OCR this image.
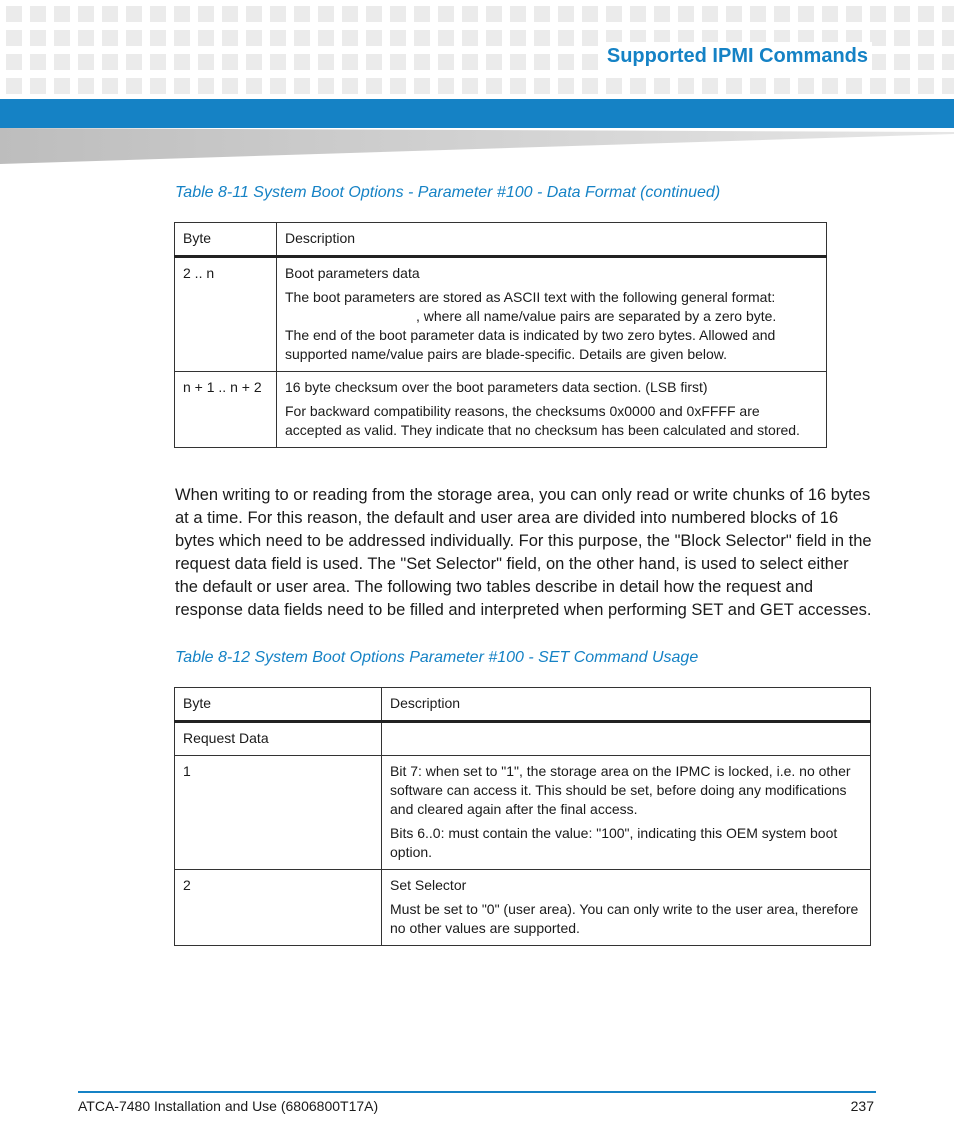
Supported IPMI Commands
Table 8-11 System Boot Options - Parameter #100 - Data Format (continued)
Byte	Description
2 .. n	Boot parameters data

The boot parameters are stored as ASCII text with the following general format:
, where all name/value pairs are separated by a zero byte.
The end of the boot parameter data is indicated by two zero bytes. Allowed and supported name/value pairs are blade-specific. Details are given below.

n + 1 .. n + 2	16 byte checksum over the boot parameters data section. (LSB first)

For backward compatibility reasons, the checksums 0x0000 and 0xFFFF are accepted as valid. They indicate that no checksum has been calculated and stored.

When writing to or reading from the storage area, you can only read or write chunks of 16 bytes at a time. For this reason, the default and user area are divided into numbered blocks of 16 bytes which need to be addressed individually. For this purpose, the "Block Selector" field in the request data field is used. The "Set Selector" field, on the other hand, is used to select either the default or user area. The following two tables describe in detail how the request and response data fields need to be filled and interpreted when performing SET and GET accesses.
Table 8-12 System Boot Options Parameter #100 - SET Command Usage
Byte	Description
Request Data	
1	Bit 7: when set to "1", the storage area on the IPMC is locked, i.e. no other software can access it. This should be set, before doing any modifications and cleared again after the final access.

Bits 6..0: must contain the value: "100", indicating this OEM system boot option.

2	Set Selector

Must be set to "0" (user area). You can only write to the user area, therefore no other values are supported.

ATCA-7480 Installation and Use (6806800T17A)	237
